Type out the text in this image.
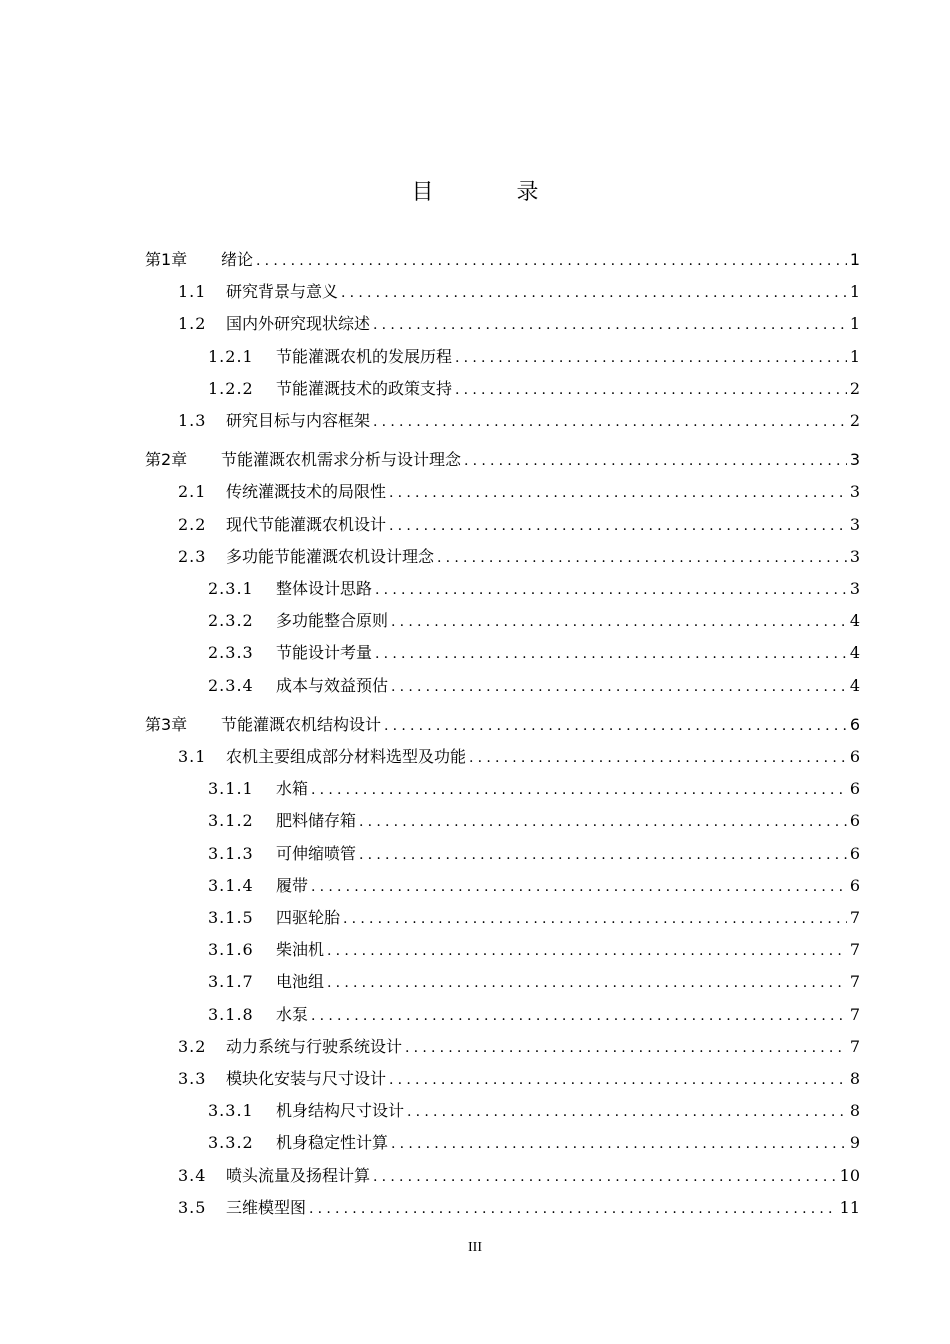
目 录
第1章	绪论 .....	1
1.1	研究背景与意义 .....	1
1.2	国内外研究现状综述 .....	1
1.2.1	节能灌溉农机的发展历程 .....	1
1.2.2	节能灌溉技术的政策支持 .....	2
1.3	研究目标与内容框架 .....	2
第2章	节能灌溉农机需求分析与设计理念 .....	3
2.1	传统灌溉技术的局限性 .....	3
2.2	现代节能灌溉农机设计 .....	3
2.3	多功能节能灌溉农机设计理念 .....	3
2.3.1	整体设计思路 .....	3
2.3.2	多功能整合原则 .....	4
2.3.3	节能设计考量 .....	4
2.3.4	成本与效益预估 .....	4
第3章	节能灌溉农机结构设计 .....	6
3.1	农机主要组成部分材料选型及功能 .....	6
3.1.1	水箱 .....	6
3.1.2	肥料储存箱 .....	6
3.1.3	可伸缩喷管 .....	6
3.1.4	履带 .....	6
3.1.5	四驱轮胎 .....	7
3.1.6	柴油机 .....	7
3.1.7	电池组 .....	7
3.1.8	水泵 .....	7
3.2	动力系统与行驶系统设计 .....	7
3.3	模块化安装与尺寸设计 .....	8
3.3.1	机身结构尺寸设计 .....	8
3.3.2	机身稳定性计算 .....	9
3.4	喷头流量及扬程计算 .....	10
3.5	三维模型图 .....	11
III
